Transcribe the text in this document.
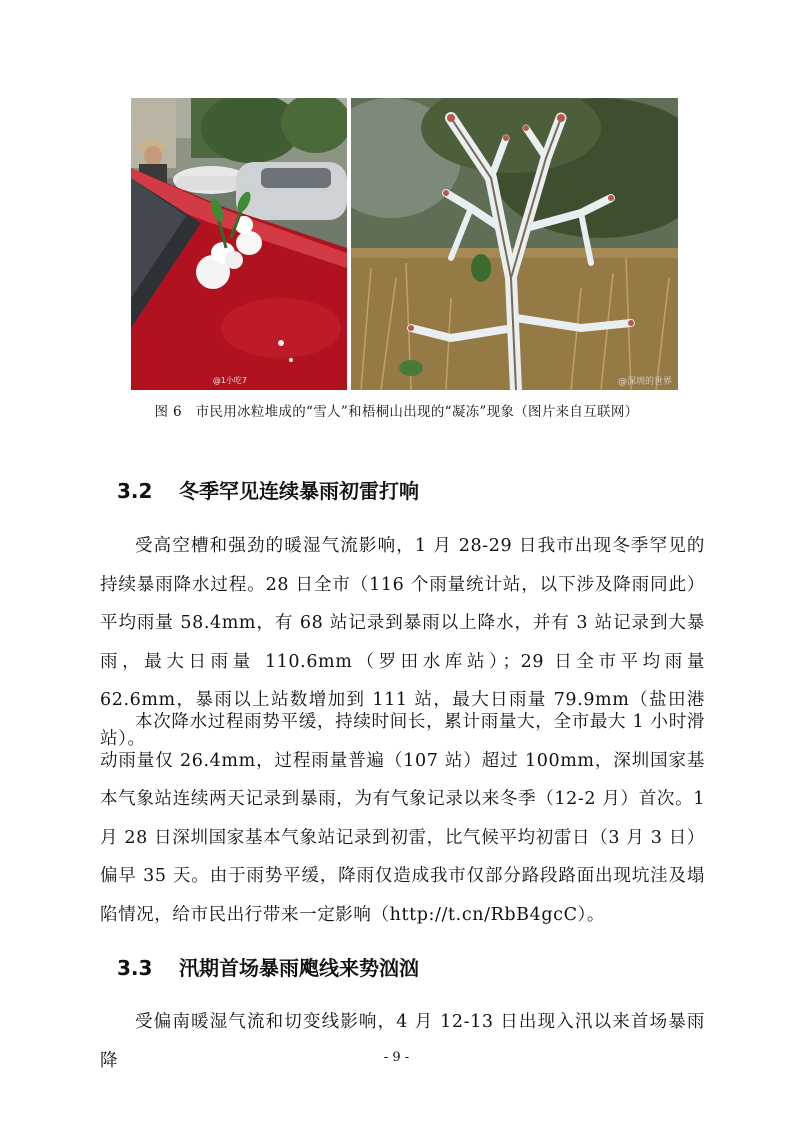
@1小吃7	@深圳的世界
图 6　市民用冰粒堆成的“雪人”和梧桐山出现的“凝冻”现象（图片来自互联网）
3.2 冬季罕见连续暴雨初雷打响
受高空槽和强劲的暖湿气流影响，1 月 28-29 日我市出现冬季罕见的持续暴雨降水过程。28 日全市（116 个雨量统计站，以下涉及降雨同此）平均雨量 58.4mm，有 68 站记录到暴雨以上降水，并有 3 站记录到大暴雨，最大日雨量 110.6mm（罗田水库站）；29 日全市平均雨量 62.6mm，暴雨以上站数增加到 111 站，最大日雨量 79.9mm（盐田港站）。
本次降水过程雨势平缓，持续时间长，累计雨量大，全市最大 1 小时滑动雨量仅 26.4mm，过程雨量普遍（107 站）超过 100mm，深圳国家基本气象站连续两天记录到暴雨，为有气象记录以来冬季（12-2 月）首次。1 月 28 日深圳国家基本气象站记录到初雷，比气候平均初雷日（3 月 3 日）偏早 35 天。由于雨势平缓，降雨仅造成我市仅部分路段路面出现坑洼及塌陷情况，给市民出行带来一定影响（http://t.cn/RbB4gcC）。
3.3 汛期首场暴雨飑线来势汹汹
受偏南暖湿气流和切变线影响，4 月 12-13 日出现入汛以来首场暴雨降	- 9 -
